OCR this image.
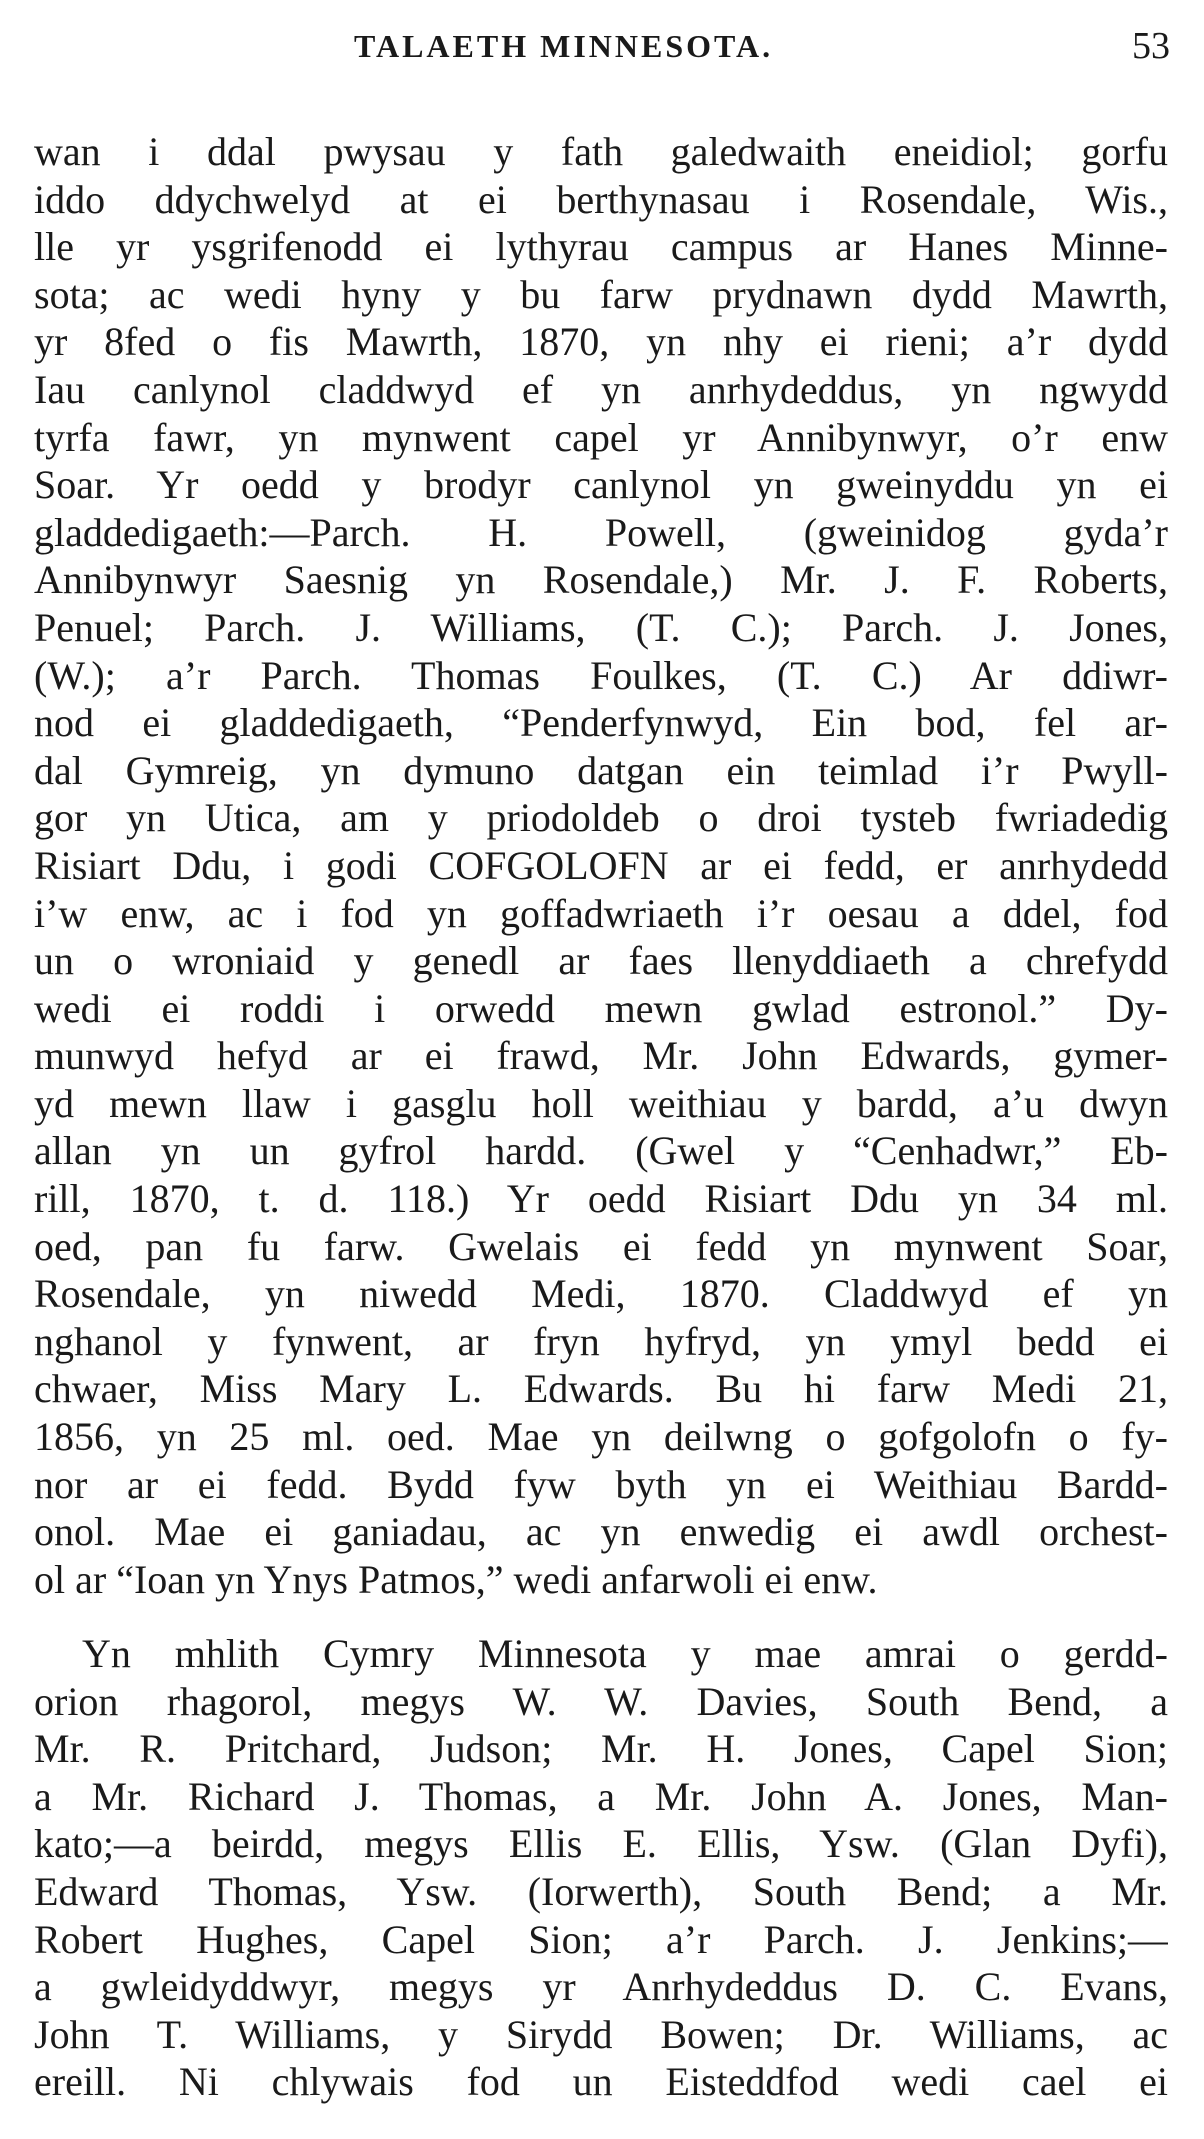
TALAETH MINNESOTA.	53
wan i ddal pwysau y fath galedwaith eneidiol; gorfu
iddo ddychwelyd at ei berthynasau i Rosendale, Wis.,
lle yr ysgrifenodd ei lythyrau campus ar Hanes Minne-
sota; ac wedi hyny y bu farw prydnawn dydd Mawrth,
yr 8fed o fis Mawrth, 1870, yn nhy ei rieni; a’r dydd
Iau canlynol claddwyd ef yn anrhydeddus, yn ngwydd
tyrfa fawr, yn mynwent capel yr Annibynwyr, o’r enw
Soar. Yr oedd y brodyr canlynol yn gweinyddu yn ei
gladdedigaeth:—Parch. H. Powell, (gweinidog gyda’r
Annibynwyr Saesnig yn Rosendale,) Mr. J. F. Roberts,
Penuel; Parch. J. Williams, (T. C.); Parch. J. Jones,
(W.); a’r Parch. Thomas Foulkes, (T. C.) Ar ddiwr-
nod ei gladdedigaeth, “Penderfynwyd, Ein bod, fel ar-
dal Gymreig, yn dymuno datgan ein teimlad i’r Pwyll-
gor yn Utica, am y priodoldeb o droi tysteb fwriadedig
Risiart Ddu, i godi COFGOLOFN ar ei fedd, er anrhydedd
i’w enw, ac i fod yn goffadwriaeth i’r oesau a ddel, fod
un o wroniaid y genedl ar faes llenyddiaeth a chrefydd
wedi ei roddi i orwedd mewn gwlad estronol.” Dy-
munwyd hefyd ar ei frawd, Mr. John Edwards, gymer-
yd mewn llaw i gasglu holl weithiau y bardd, a’u dwyn
allan yn un gyfrol hardd. (Gwel y “Cenhadwr,” Eb-
rill, 1870, t. d. 118.) Yr oedd Risiart Ddu yn 34 ml.
oed, pan fu farw. Gwelais ei fedd yn mynwent Soar,
Rosendale, yn niwedd Medi, 1870. Claddwyd ef yn
nghanol y fynwent, ar fryn hyfryd, yn ymyl bedd ei
chwaer, Miss Mary L. Edwards. Bu hi farw Medi 21,
1856, yn 25 ml. oed. Mae yn deilwng o gofgolofn o fy-
nor ar ei fedd. Bydd fyw byth yn ei Weithiau Bardd-
onol. Mae ei ganiadau, ac yn enwedig ei awdl orchest-
ol ar “Ioan yn Ynys Patmos,” wedi anfarwoli ei enw.
Yn mhlith Cymry Minnesota y mae amrai o gerdd-
orion rhagorol, megys W. W. Davies, South Bend, a
Mr. R. Pritchard, Judson; Mr. H. Jones, Capel Sion;
a Mr. Richard J. Thomas, a Mr. John A. Jones, Man-
kato;—a beirdd, megys Ellis E. Ellis, Ysw. (Glan Dyfi),
Edward Thomas, Ysw. (Iorwerth), South Bend; a Mr.
Robert Hughes, Capel Sion; a’r Parch. J. Jenkins;—
a gwleidyddwyr, megys yr Anrhydeddus D. C. Evans,
John T. Williams, y Sirydd Bowen; Dr. Williams, ac
ereill. Ni chlywais fod un Eisteddfod wedi cael ei
